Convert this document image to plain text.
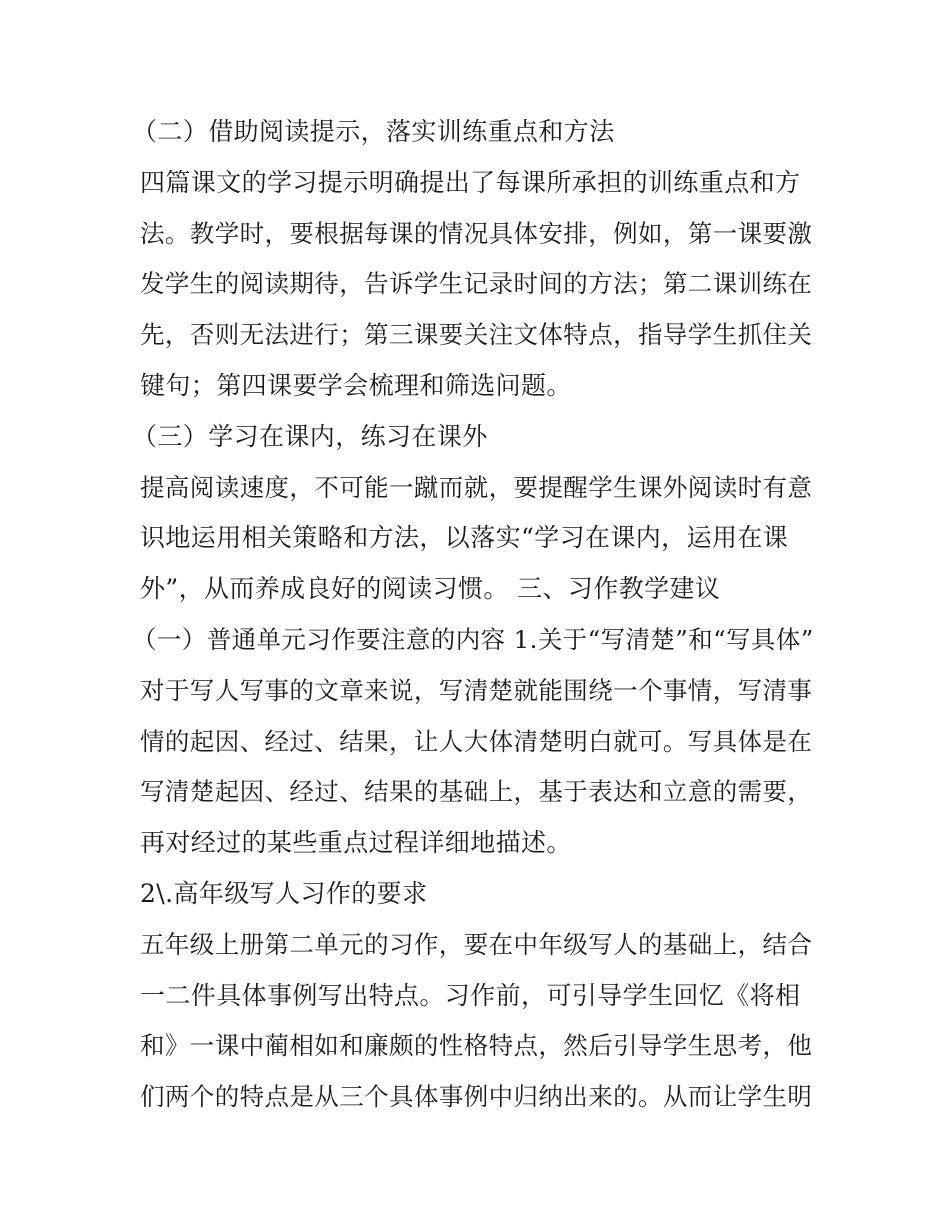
（二）借助阅读提示，落实训练重点和方法
四篇课文的学习提示明确提出了每课所承担的训练重点和方
法。教学时，要根据每课的情况具体安排，例如，第一课要激
发学生的阅读期待，告诉学生记录时间的方法；第二课训练在
先，否则无法进行；第三课要关注文体特点，指导学生抓住关
键句；第四课要学会梳理和筛选问题。
（三）学习在课内，练习在课外
提高阅读速度，不可能一蹴而就，要提醒学生课外阅读时有意
识地运用相关策略和方法，以落实“学习在课内，运用在课
外”，从而养成良好的阅读习惯。 三、习作教学建议
（一）普通单元习作要注意的内容 1.关于“写清楚”和“写具体”
对于写人写事的文章来说，写清楚就能围绕一个事情，写清事
情的起因、经过、结果，让人大体清楚明白就可。写具体是在
写清楚起因、经过、结果的基础上，基于表达和立意的需要，
再对经过的某些重点过程详细地描述。
2\.高年级写人习作的要求
五年级上册第二单元的习作，要在中年级写人的基础上，结合
一二件具体事例写出特点。习作前，可引导学生回忆《将相
和》一课中蔺相如和廉颇的性格特点，然后引导学生思考，他
们两个的特点是从三个具体事例中归纳出来的。从而让学生明
